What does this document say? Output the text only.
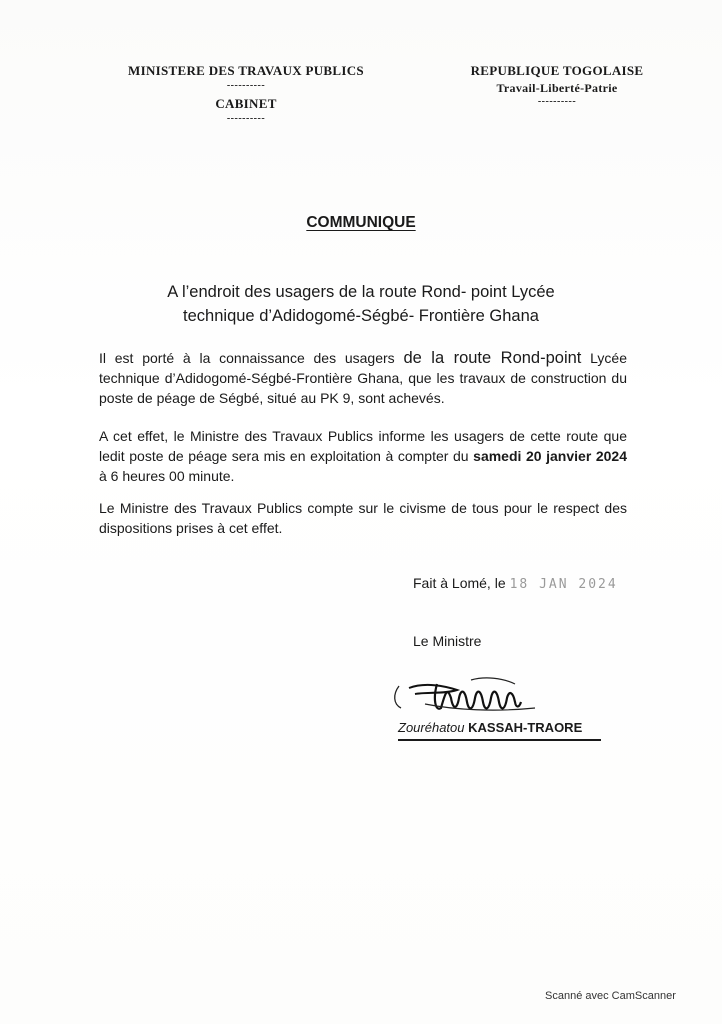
MINISTERE DES TRAVAUX PUBLICS
----------
CABINET
----------
REPUBLIQUE TOGOLAISE
Travail-Liberté-Patrie
----------
COMMUNIQUE
A l’endroit des usagers de la route Rond- point Lycée
technique d’Adidogomé-Ségbé- Frontière Ghana
Il est porté à la connaissance des usagers de la route Rond-point Lycée technique d’Adidogomé-Ségbé-Frontière Ghana, que les travaux de construction du poste de péage de Ségbé, situé au PK 9, sont achevés.
A cet effet, le Ministre des Travaux Publics informe les usagers de cette route que ledit poste de péage sera mis en exploitation à compter du samedi 20 janvier 2024 à 6 heures 00 minute.
Le Ministre des Travaux Publics compte sur le civisme de tous pour le respect des dispositions prises à cet effet.
Fait à Lomé, le 18 JAN 2024
Le Ministre
Zouréhatou KASSAH-TRAORE
Scanné avec CamScanner
